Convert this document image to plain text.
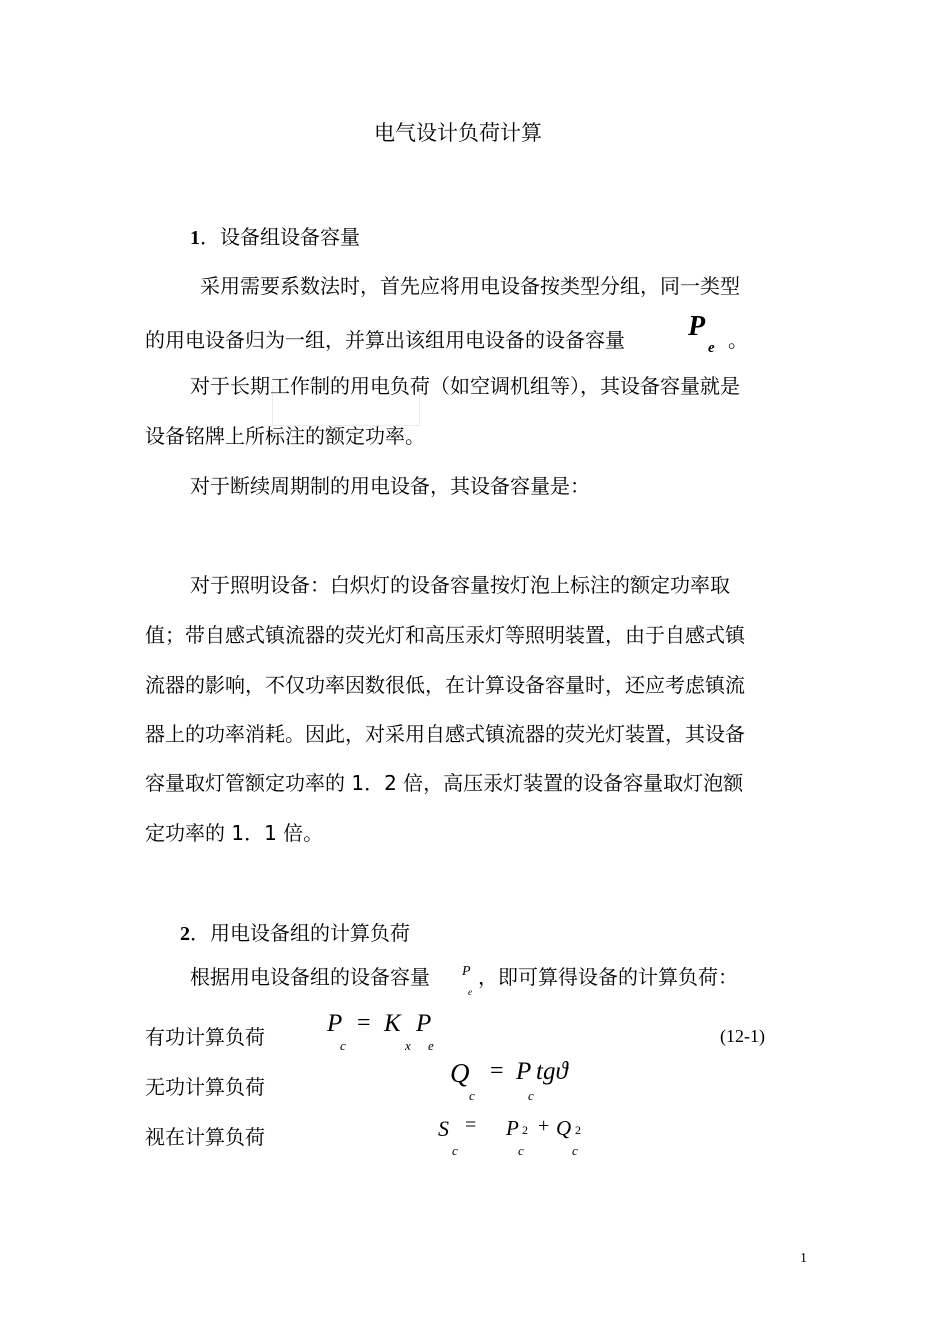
电气设计负荷计算
1．设备组设备容量
采用需要系数法时，首先应将用电设备按类型分组，同一类型
的用电设备归为一组，并算出该组用电设备的设备容量 P
e 。
对于长期工作制的用电负荷（如空调机组等），其设备容量就是
设备铭牌上所标注的额定功率。
对于断续周期制的用电设备，其设备容量是：
对于照明设备：白炽灯的设备容量按灯泡上标注的额定功率取
值；带自感式镇流器的荧光灯和高压汞灯等照明装置，由于自感式镇
流器的影响，不仅功率因数很低，在计算设备容量时，还应考虑镇流
器上的功率消耗。因此，对采用自感式镇流器的荧光灯装置，其设备
容量取灯管额定功率的 1．2 倍，高压汞灯装置的设备容量取灯泡额
定功率的 1．1 倍。
2．用电设备组的计算负荷
根据用电设备组的设备容量 P
e
，即可算得设备的计算负荷：
有功计算负荷 P
c
= K
x
P
e	(12-1)
无功计算负荷	Q
c
= P
c
tgϑ
视在计算负荷	S
c
= P 2
c
+ Q 2
c
1
